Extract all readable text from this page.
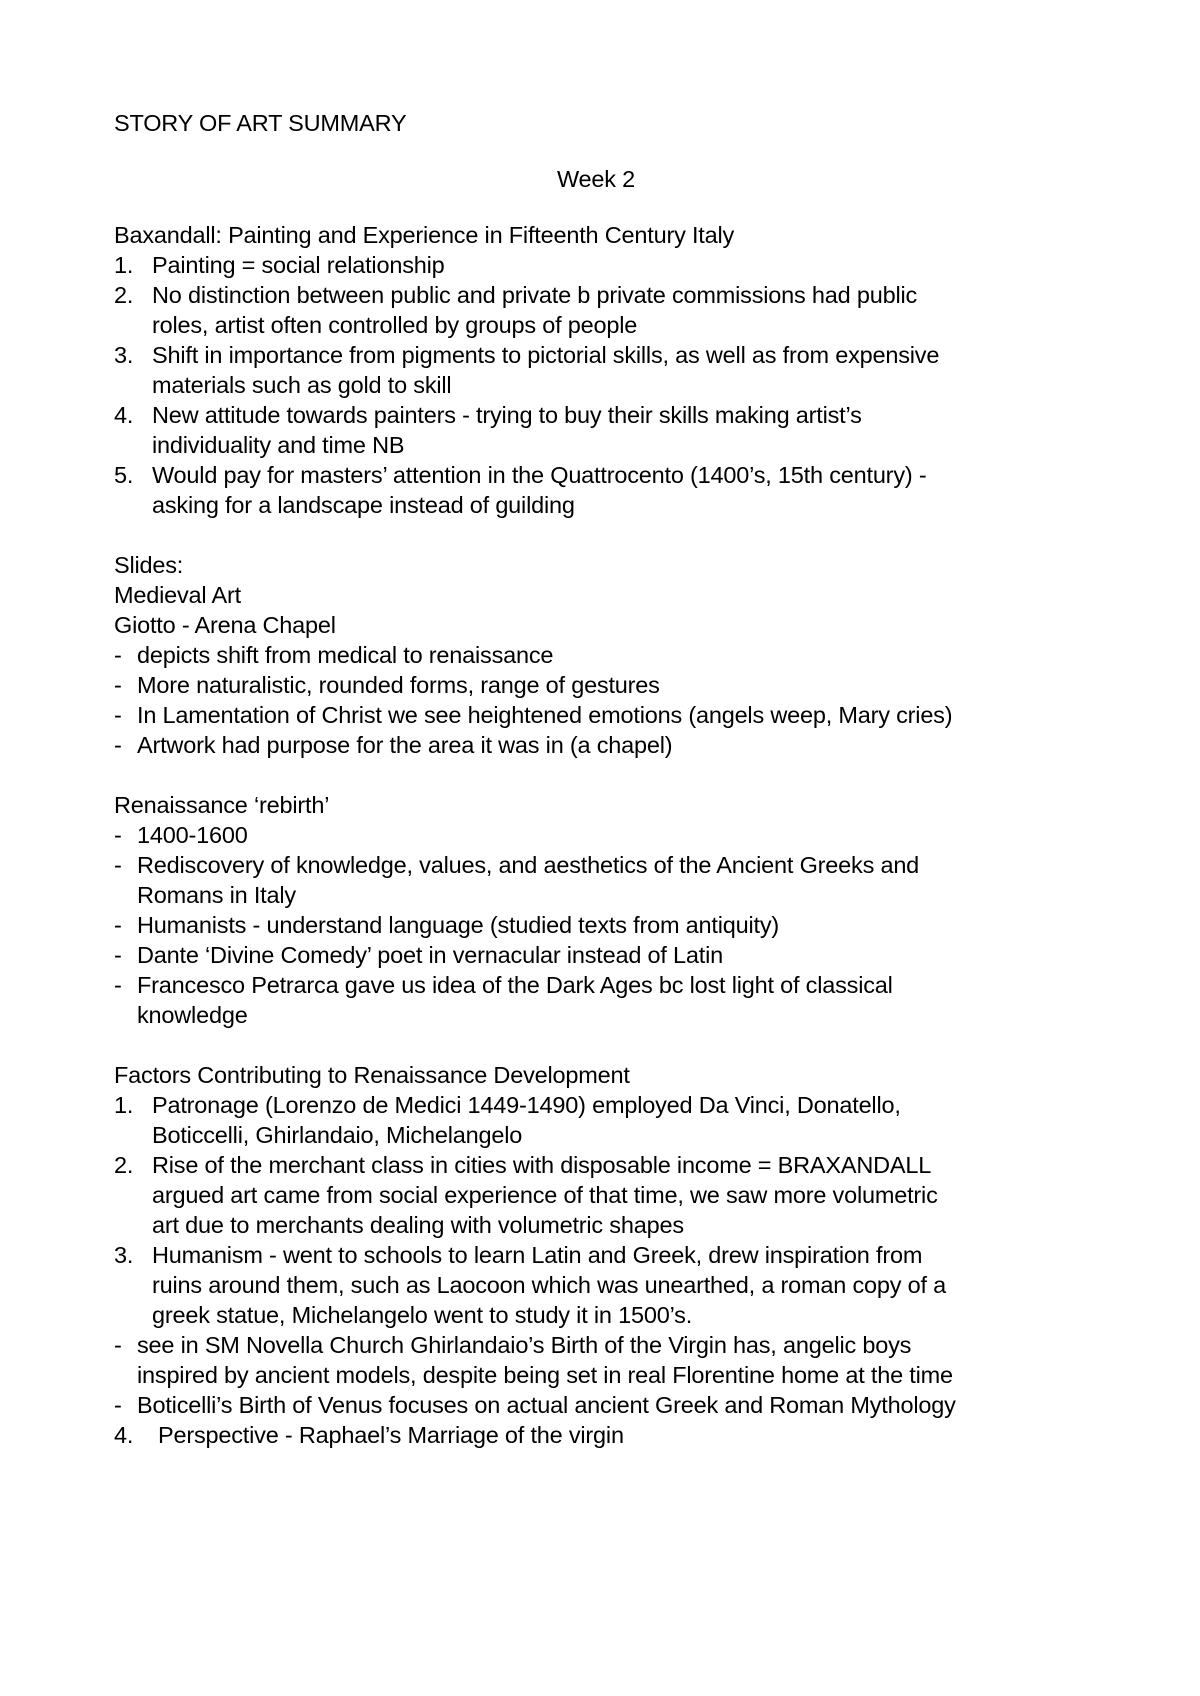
STORY OF ART SUMMARY
Week 2
Baxandall: Painting and Experience in Fifteenth Century Italy
1. Painting = social relationship
2. No distinction between public and private b private commissions had public
roles, artist often controlled by groups of people
3. Shift in importance from pigments to pictorial skills, as well as from expensive
materials such as gold to skill
4. New attitude towards painters - trying to buy their skills making artist’s
individuality and time NB
5. Would pay for masters’ attention in the Quattrocento (1400’s, 15th century) -
asking for a landscape instead of guilding
Slides:
Medieval Art
Giotto - Arena Chapel
- depicts shift from medical to renaissance
- More naturalistic, rounded forms, range of gestures
- In Lamentation of Christ we see heightened emotions (angels weep, Mary cries)
- Artwork had purpose for the area it was in (a chapel)
Renaissance ‘rebirth’
- 1400-1600
- Rediscovery of knowledge, values, and aesthetics of the Ancient Greeks and
Romans in Italy
- Humanists - understand language (studied texts from antiquity)
- Dante ‘Divine Comedy’ poet in vernacular instead of Latin
- Francesco Petrarca gave us idea of the Dark Ages bc lost light of classical
knowledge
Factors Contributing to Renaissance Development
1. Patronage (Lorenzo de Medici 1449-1490) employed Da Vinci, Donatello,
Boticcelli, Ghirlandaio, Michelangelo
2. Rise of the merchant class in cities with disposable income = BRAXANDALL
argued art came from social experience of that time, we saw more volumetric
art due to merchants dealing with volumetric shapes
3. Humanism - went to schools to learn Latin and Greek, drew inspiration from
ruins around them, such as Laocoon which was unearthed, a roman copy of a
greek statue, Michelangelo went to study it in 1500’s.
- see in SM Novella Church Ghirlandaio’s Birth of the Virgin has, angelic boys
inspired by ancient models, despite being set in real Florentine home at the time
- Boticelli’s Birth of Venus focuses on actual ancient Greek and Roman Mythology
4. Perspective - Raphael’s Marriage of the virgin
